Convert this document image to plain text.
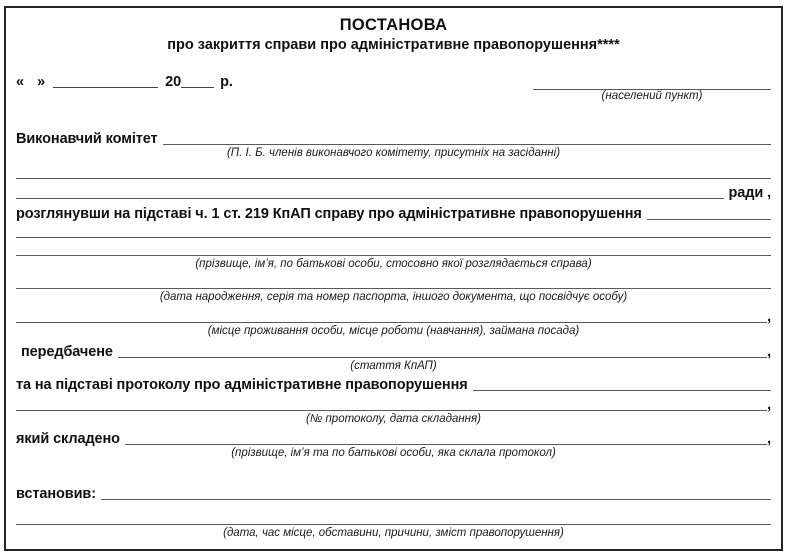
ПОСТАНОВА
про закриття справи про адміністративне правопорушення****
« »	20	р.
(населений пункт)
Виконавчий комітет
(П. І. Б. членів виконавчого комітету, присутніх на засіданні)
ради ,
розглянувши на підставі ч. 1 ст. 219 КпАП справу про адміністративне правопорушення
(прізвище, ім’я, по батькові особи, стосовно якої розглядається справа)
(дата народження, серія та номер паспорта, іншого документа, що посвідчує особу)
,
(місце проживання особи, місце роботи (навчання), займана посада)
передбачене	,
(стаття КпАП)
та на підставі протоколу про адміністративне правопорушення
,
(№ протоколу, дата складання)
який складено	,
(прізвище, ім’я та по батькові особи, яка склала протокол)
встановив:
(дата, час місце, обставини, причини, зміст правопорушення)
